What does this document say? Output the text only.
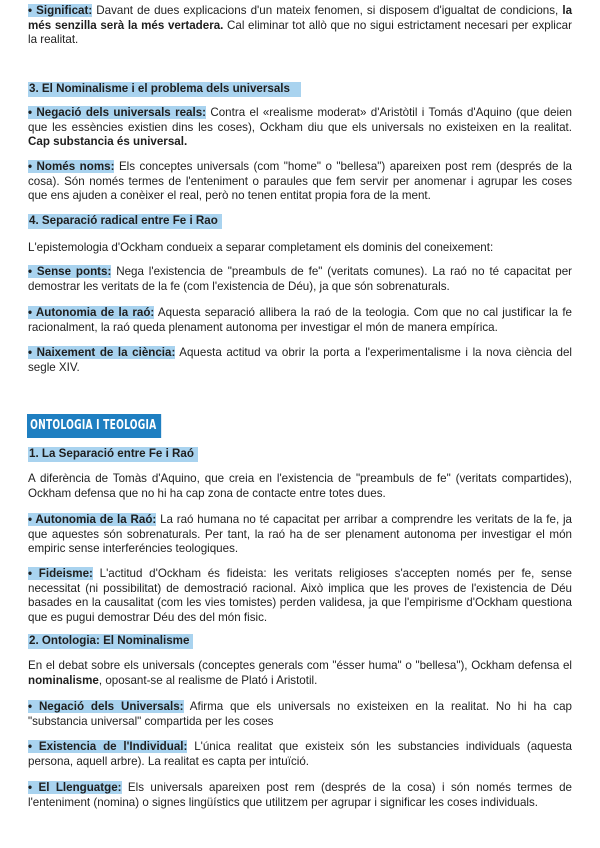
• Significat: Davant de dues explicacions d'un mateix fenomen, si disposem d'igualtat de condicions, la més senzilla serà la més vertadera. Cal eliminar tot allò que no sigui estrictament necesari per explicar la realitat.

3. El Nominalisme i el problema dels universals

• Negació dels universals reals: Contra el «realisme moderat» d'Aristòtil i Tomás d'Aquino (que deien que les essències existien dins les coses), Ockham diu que els universals no existeixen en la realitat. Cap substancia és universal.

• Només noms: Els conceptes universals (com "home" o "bellesa") apareixen post rem (després de la cosa). Són només termes de l'enteniment o paraules que fem servir per anomenar i agrupar les coses que ens ajuden a conèixer el real, però no tenen entitat propia fora de la ment.

4. Separació radical entre Fe i Rao

L'epistemologia d'Ockham condueix a separar completament els dominis del coneixement:

• Sense ponts: Nega l'existencia de "preambuls de fe" (veritats comunes). La raó no té capacitat per demostrar les veritats de la fe (com l'existencia de Déu), ja que són sobrenaturals.

• Autonomia de la raó: Aquesta separació allibera la raó de la teologia. Com que no cal justificar la fe racionalment, la raó queda plenament autonoma per investigar el món de manera empírica.

• Naixement de la ciència: Aquesta actitud va obrir la porta a l'experimentalisme i la nova ciència del segle XIV.

ONTOLOGIA I TEOLOGIA
1. La Separació entre Fe i Raó

A diferència de Tomàs d'Aquino, que creia en l'existencia de "preambuls de fe" (veritats compartides), Ockham defensa que no hi ha cap zona de contacte entre totes dues.

• Autonomia de la Raó: La raó humana no té capacitat per arribar a comprendre les veritats de la fe, ja que aquestes són sobrenaturals. Per tant, la raó ha de ser plenament autonoma per investigar el món empiric sense interferéncies teologiques.

• Fideisme: L'actitud d'Ockham és fideista: les veritats religioses s'accepten només per fe, sense necessitat (ni possibilitat) de demostració racional. Això implica que les proves de l'existencia de Déu basades en la causalitat (com les vies tomistes) perden validesa, ja que l'empirisme d'Ockham questiona que es pugui demostrar Déu des del món fisic.

2. Ontologia: El Nominalisme

En el debat sobre els universals (conceptes generals com "ésser huma" o "bellesa"), Ockham defensa el nominalisme, oposant-se al realisme de Plató i Aristotil.

• Negació dels Universals: Afirma que els universals no existeixen en la realitat. No hi ha cap "substancia universal" compartida per les coses

• Existencia de l'Individual: L'única realitat que existeix són les substancies individuals (aquesta persona, aquell arbre). La realitat es capta per intuïció.

• El Llenguatge: Els universals apareixen post rem (després de la cosa) i són només termes de l'enteniment (nomina) o signes lingüístics que utilitzem per agrupar i significar les coses individuals.
